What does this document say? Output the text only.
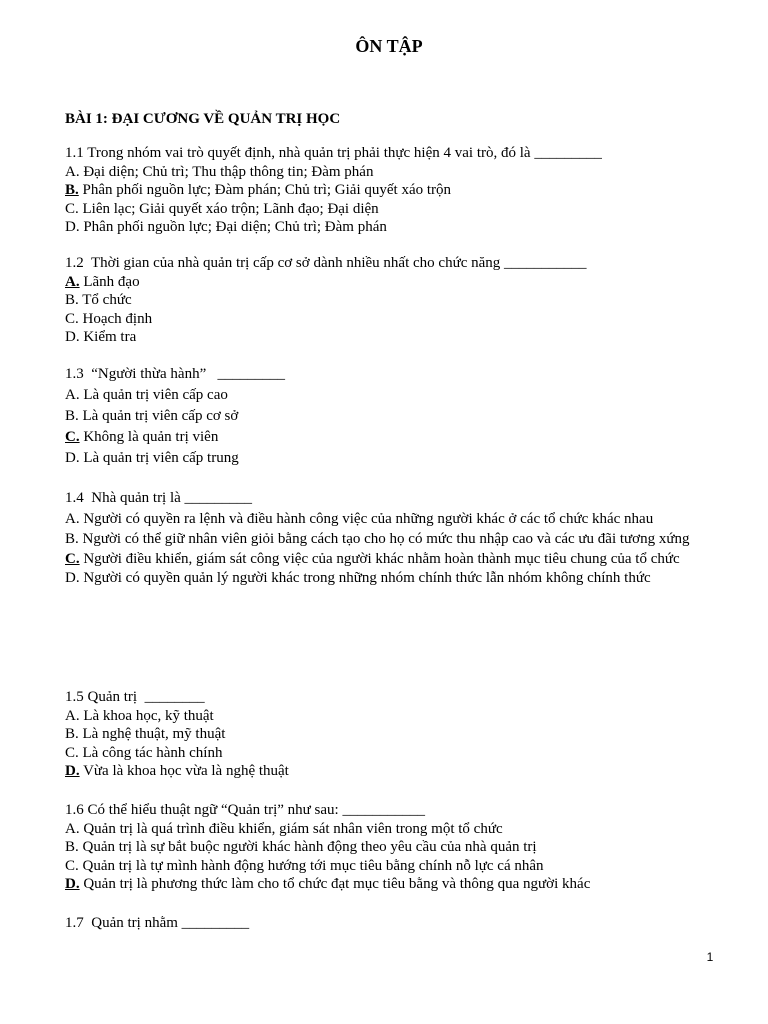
ÔN TẬP
BÀI 1: ĐẠI CƯƠNG VỀ QUẢN TRỊ HỌC

1.1 Trong nhóm vai trò quyết định, nhà quản trị phải thực hiện 4 vai trò, đó là _________

A. Đại diện; Chủ trì; Thu thập thông tin; Đàm phán
B. Phân phối nguồn lực; Đàm phán; Chủ trì; Giải quyết xáo trộn
C. Liên lạc; Giải quyết xáo trộn; Lãnh đạo; Đại diện
D. Phân phối nguồn lực; Đại diện; Chủ trì; Đàm phán

1.2  Thời gian của nhà quản trị cấp cơ sở dành nhiều nhất cho chức năng ___________

A. Lãnh đạo
B. Tổ chức
C. Hoạch định
D. Kiểm tra

1.3  “Người thừa hành”   _________

A. Là quản trị viên cấp cao
B. Là quản trị viên cấp cơ sở
C. Không là quản trị viên
D. Là quản trị viên cấp trung

1.4  Nhà quản trị là _________

A. Người có quyền ra lệnh và điều hành công việc của những người khác ở các tổ chức khác nhau
B. Người có thể giữ nhân viên giỏi bằng cách tạo cho họ có mức thu nhập cao và các ưu đãi tương xứng
C. Người điều khiển, giám sát công việc của người khác nhằm hoàn thành mục tiêu chung của tổ chức
D. Người có quyền quản lý người khác trong những nhóm chính thức lẫn nhóm không chính thức

1.5 Quản trị  ________

A. Là khoa học, kỹ thuật
B. Là nghệ thuật, mỹ thuật
C. Là công tác hành chính
D. Vừa là khoa học vừa là nghệ thuật

1.6 Có thể hiểu thuật ngữ “Quản trị” như sau: ___________

A. Quản trị là quá trình điều khiển, giám sát nhân viên trong một tổ chức
B. Quản trị là sự bắt buộc người khác hành động theo yêu cầu của nhà quản trị
C. Quản trị là tự mình hành động hướng tới mục tiêu bằng chính nỗ lực cá nhân
D. Quản trị là phương thức làm cho tổ chức đạt mục tiêu bằng và thông qua người khác

1.7  Quản trị nhằm _________

1
